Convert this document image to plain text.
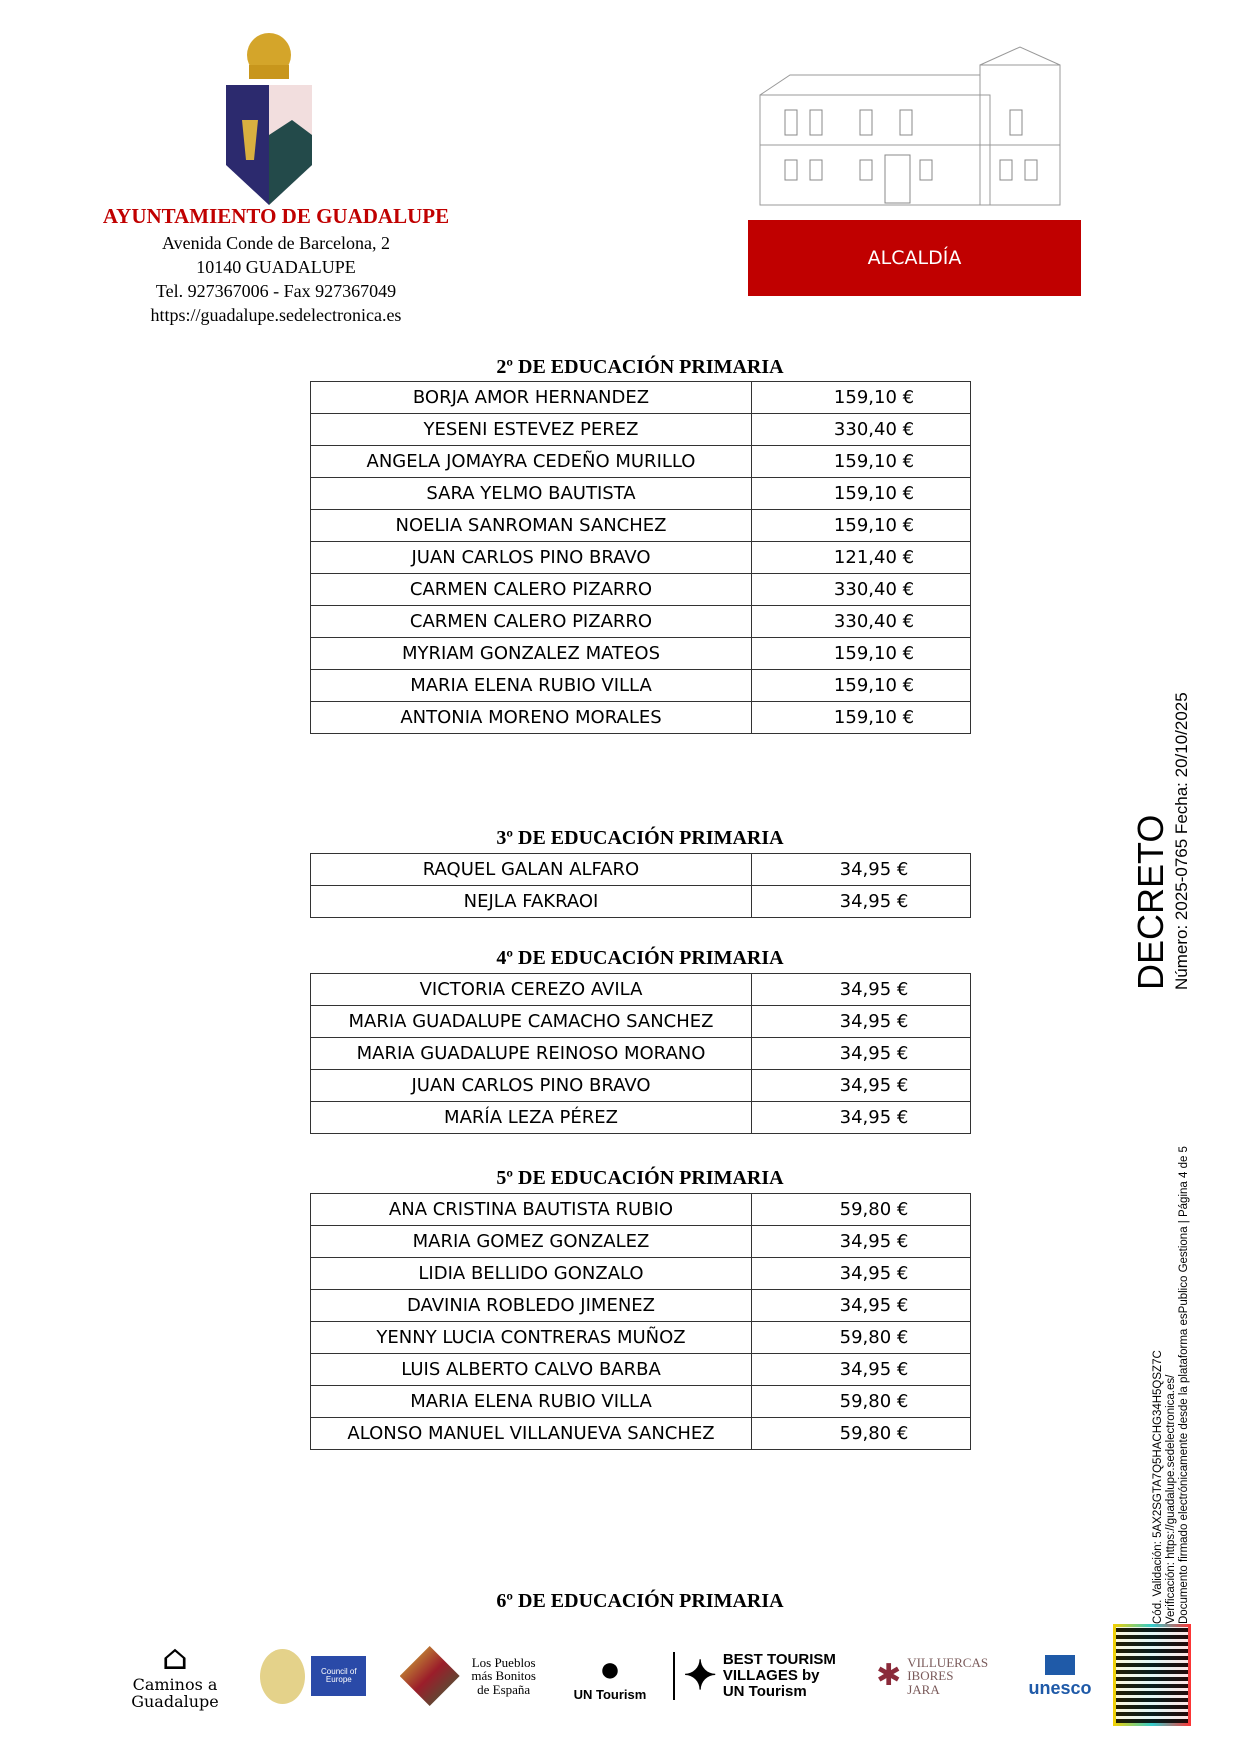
AYUNTAMIENTO DE GUADALUPE
Avenida Conde de Barcelona, 2
10140 GUADALUPE
Tel. 927367006 - Fax 927367049
https://guadalupe.sedelectronica.es
ALCALDÍA
2º DE EDUCACIÓN PRIMARIA
BORJA AMOR HERNANDEZ	159,10 €
YESENI ESTEVEZ PEREZ	330,40 €
ANGELA JOMAYRA CEDEÑO MURILLO	159,10 €
SARA YELMO BAUTISTA	159,10 €
NOELIA SANROMAN SANCHEZ	159,10 €
JUAN CARLOS PINO BRAVO	121,40 €
CARMEN CALERO PIZARRO	330,40 €
CARMEN CALERO PIZARRO	330,40 €
MYRIAM GONZALEZ MATEOS	159,10 €
MARIA ELENA RUBIO VILLA	159,10 €
ANTONIA MORENO MORALES	159,10 €
3º DE EDUCACIÓN PRIMARIA
RAQUEL GALAN ALFARO	34,95 €
NEJLA FAKRAOI	34,95 €
4º DE EDUCACIÓN PRIMARIA
VICTORIA CEREZO AVILA	34,95 €
MARIA GUADALUPE CAMACHO SANCHEZ	34,95 €
MARIA GUADALUPE REINOSO MORANO	34,95 €
JUAN CARLOS PINO BRAVO	34,95 €
MARÍA LEZA PÉREZ	34,95 €
5º DE EDUCACIÓN PRIMARIA
ANA CRISTINA BAUTISTA RUBIO	59,80 €
MARIA GOMEZ GONZALEZ	34,95 €
LIDIA BELLIDO GONZALO	34,95 €
DAVINIA ROBLEDO JIMENEZ	34,95 €
YENNY LUCIA CONTRERAS MUÑOZ	59,80 €
LUIS ALBERTO CALVO BARBA	34,95 €
MARIA ELENA RUBIO VILLA	59,80 €
ALONSO MANUEL VILLANUEVA SANCHEZ	59,80 €
6º DE EDUCACIÓN PRIMARIA
DECRETO Número: 2025-0765 Fecha: 20/10/2025
Cód. Validación: 5AX2SGTA7Q5HACHG34H5QSZ7C Verificación: https://guadalupe.sedelectronica.es/ Documento firmado electrónicamente desde la plataforma esPublico Gestiona | Página 4 de 5
⌂
Caminos a Guadalupe
Council of Europe
Los Pueblos más Bonitos de España
●
UN Tourism ✦ BEST TOURISM VILLAGES by UN Tourism	✱ VILLUERCAS IBORES JARA	unesco
